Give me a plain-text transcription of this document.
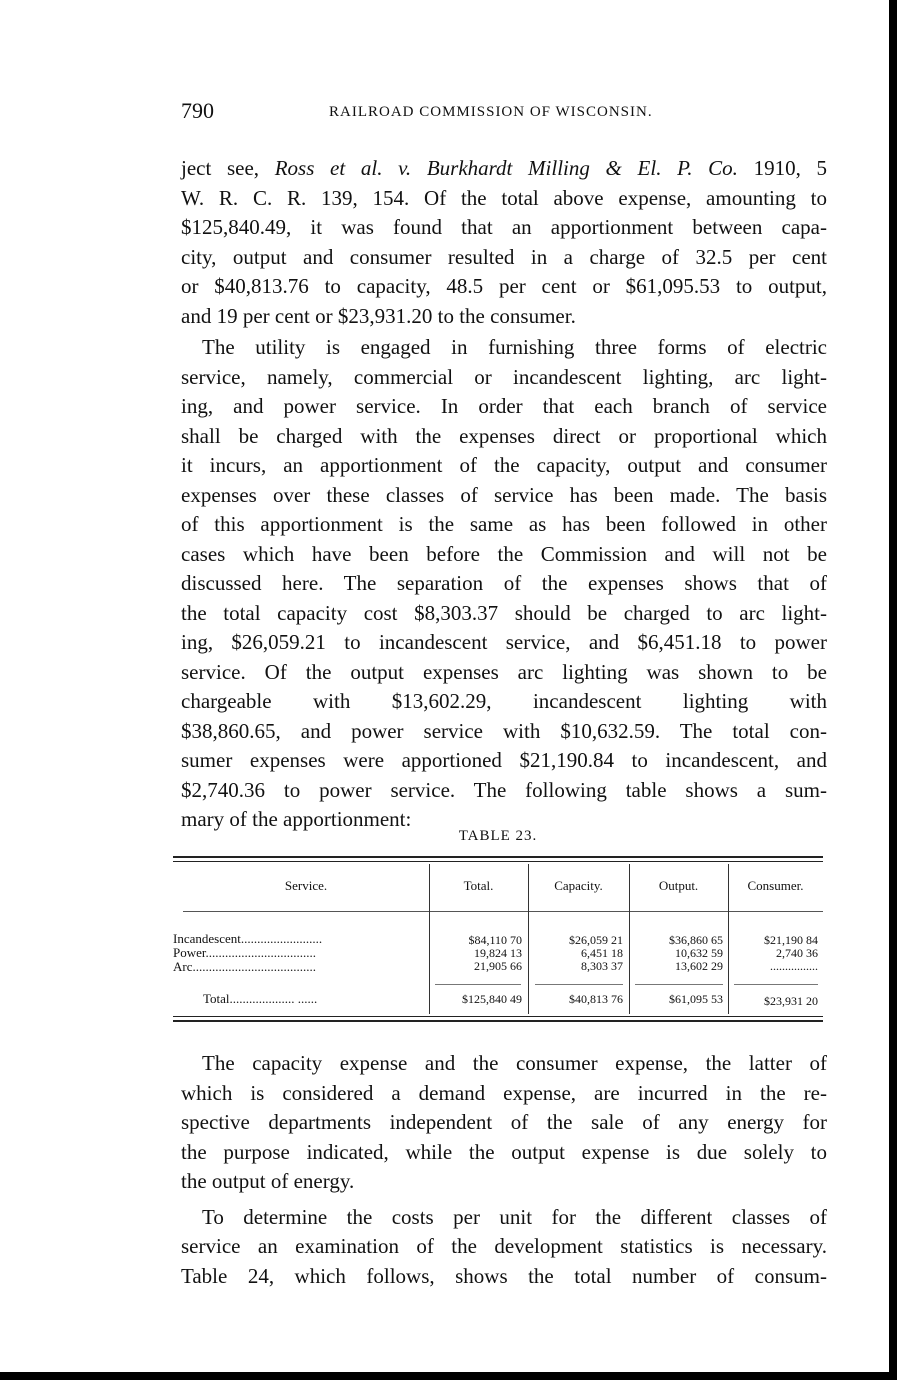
790	RAILROAD COMMISSION OF WISCONSIN.

ject see, Ross et al. v. Burkhardt Milling & El. P. Co. 1910, 5
W. R. C. R. 139, 154. Of the total above expense, amounting to
$125,840.49, it was found that an apportionment between capa-
city, output and consumer resulted in a charge of 32.5 per cent
or $40,813.76 to capacity, 48.5 per cent or $61,095.53 to output,
and 19 per cent or $23,931.20 to the consumer.

The utility is engaged in furnishing three forms of electric
service, namely, commercial or incandescent lighting, arc light-
ing, and power service. In order that each branch of service
shall be charged with the expenses direct or proportional which
it incurs, an apportionment of the capacity, output and consumer
expenses over these classes of service has been made. The basis
of this apportionment is the same as has been followed in other
cases which have been before the Commission and will not be
discussed here. The separation of the expenses shows that of
the total capacity cost $8,303.37 should be charged to arc light-
ing, $26,059.21 to incandescent service, and $6,451.18 to power
service. Of the output expenses arc lighting was shown to be
chargeable with $13,602.29, incandescent lighting with
$38,860.65, and power service with $10,632.59. The total con-
sumer expenses were apportioned $21,190.84 to incandescent, and
$2,740.36 to power service. The following table shows a sum-
mary of the apportionment:

TABLE 23.
Service.	Total.	Capacity.	Output.	Consumer.
Incandescent.........................	$84,110 70	$26,059 21	$36,860 65	$21,190 84
Power..................................	19,824 13	6,451 18	10,632 59	2,740 36
Arc......................................	21,905 66	8,303 37	13,602 29	................
Total.................... ......	$125,840 49	$40,813 76	$61,095 53	$23,931 20

The capacity expense and the consumer expense, the latter of
which is considered a demand expense, are incurred in the re-
spective departments independent of the sale of any energy for
the purpose indicated, while the output expense is due solely to
the output of energy.

To determine the costs per unit for the different classes of
service an examination of the development statistics is necessary.
Table 24, which follows, shows the total number of consum-
